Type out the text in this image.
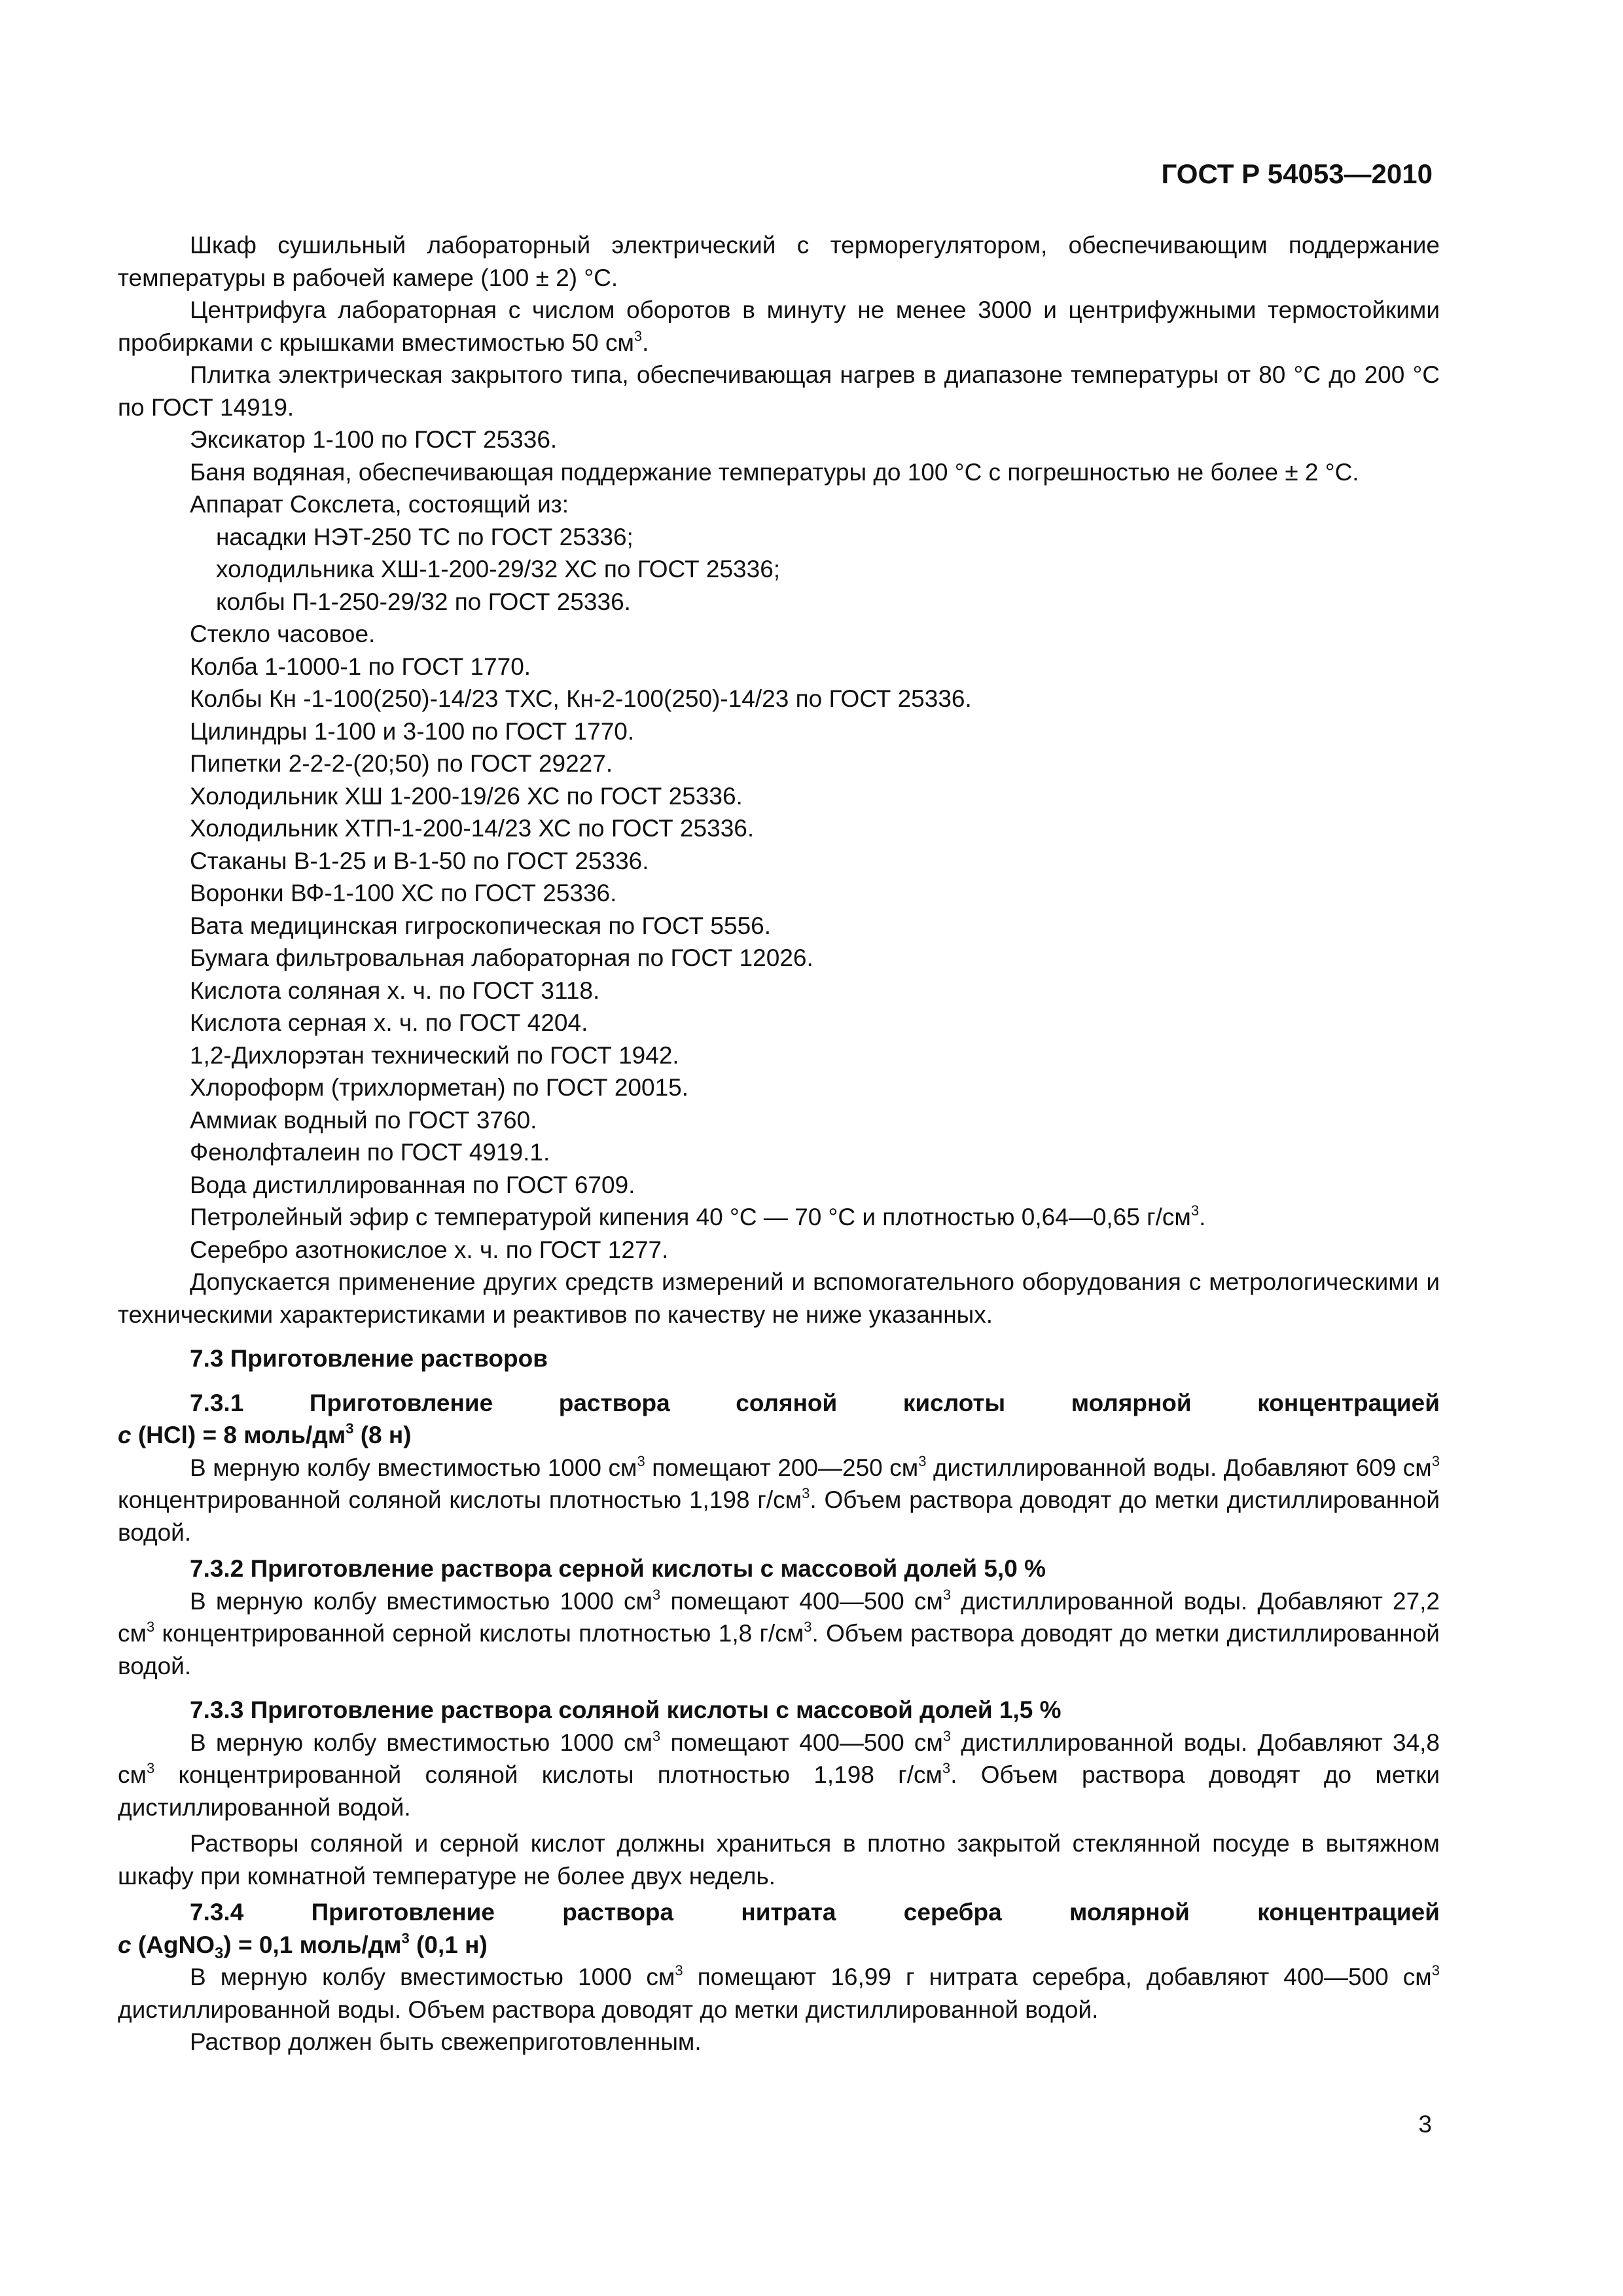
ГОСТ Р 54053—2010

Шкаф сушильный лабораторный электрический с терморегулятором, обеспечивающим поддержание температуры в рабочей камере (100 ± 2) °С.

Центрифуга лабораторная с числом оборотов в минуту не менее 3000 и центрифужными термостойкими пробирками с крышками вместимостью 50 $см^3$.

Плитка электрическая закрытого типа, обеспечивающая нагрев в диапазоне температуры от 80 °С до 200 °С по ГОСТ 14919.

Эксикатор 1-100 по ГОСТ 25336.

Баня водяная, обеспечивающая поддержание температуры до 100 °С с погрешностью не более ± 2 °С.

Аппарат Сокслета, состоящий из:

насадки НЭТ-250 ТС по ГОСТ 25336;

холодильника ХШ-1-200-29/32 ХС по ГОСТ 25336;

колбы П-1-250-29/32 по ГОСТ 25336.

Стекло часовое.

Колба 1-1000-1 по ГОСТ 1770.

Колбы Кн -1-100(250)-14/23 ТХС, Кн-2-100(250)-14/23 по ГОСТ 25336.

Цилиндры 1-100 и 3-100 по ГОСТ 1770.

Пипетки 2-2-2-(20;50) по ГОСТ 29227.

Холодильник ХШ 1-200-19/26 ХС по ГОСТ 25336.

Холодильник ХТП-1-200-14/23 ХС по ГОСТ 25336.

Стаканы В-1-25 и В-1-50 по ГОСТ 25336.

Воронки ВФ-1-100 ХС по ГОСТ 25336.

Вата медицинская гигроскопическая по ГОСТ 5556.

Бумага фильтровальная лабораторная по ГОСТ 12026.

Кислота соляная х. ч. по ГОСТ 3118.

Кислота серная х. ч. по ГОСТ 4204.

1,2-Дихлорэтан технический по ГОСТ 1942.

Хлороформ (трихлорметан) по ГОСТ 20015.

Аммиак водный по ГОСТ 3760.

Фенолфталеин по ГОСТ 4919.1.

Вода дистиллированная по ГОСТ 6709.

Петролейный эфир с температурой кипения 40 °С — 70 °С и плотностью 0,64—0,65 $г/см^3$.

Серебро азотнокислое х. ч. по ГОСТ 1277.

Допускается применение других средств измерений и вспомогательного оборудования с метрологическими и техническими характеристиками и реактивов по качеству не ниже указанных.

7.3 Приготовление растворов

7.3.1 Приготовление раствора соляной кислоты молярной концентрацией

с (HCl) = 8 моль/$дм^3$ (8 н)

В мерную колбу вместимостью 1000 $см^3$ помещают 200—250 $см^3$ дистиллированной воды. Добавляют 609 $см^3$ концентрированной соляной кислоты плотностью 1,198 $г/см^3$. Объем раствора доводят до метки дистиллированной водой.

7.3.2 Приготовление раствора серной кислоты с массовой долей 5,0 %

В мерную колбу вместимостью 1000 $см^3$ помещают 400—500 $см^3$ дистиллированной воды. Добавляют 27,2 $см^3$ концентрированной серной кислоты плотностью 1,8 $г/см^3$. Объем раствора доводят до метки дистиллированной водой.

7.3.3 Приготовление раствора соляной кислоты с массовой долей 1,5 %

В мерную колбу вместимостью 1000 $см^3$ помещают 400—500 $см^3$ дистиллированной воды. Добавляют 34,8 $см^3$ концентрированной соляной кислоты плотностью 1,198 $г/см^3$. Объем раствора доводят до метки дистиллированной водой.

Растворы соляной и серной кислот должны храниться в плотно закрытой стеклянной посуде в вытяжном шкафу при комнатной температуре не более двух недель.

7.3.4 Приготовление раствора нитрата серебра молярной концентрацией

с (AgNO$_3$) = 0,1 моль/$дм^3$ (0,1 н)

В мерную колбу вместимостью 1000 $см^3$ помещают 16,99 г нитрата серебра, добавляют 400—500 $см^3$ дистиллированной воды. Объем раствора доводят до метки дистиллированной водой.

Раствор должен быть свежеприготовленным.

3
